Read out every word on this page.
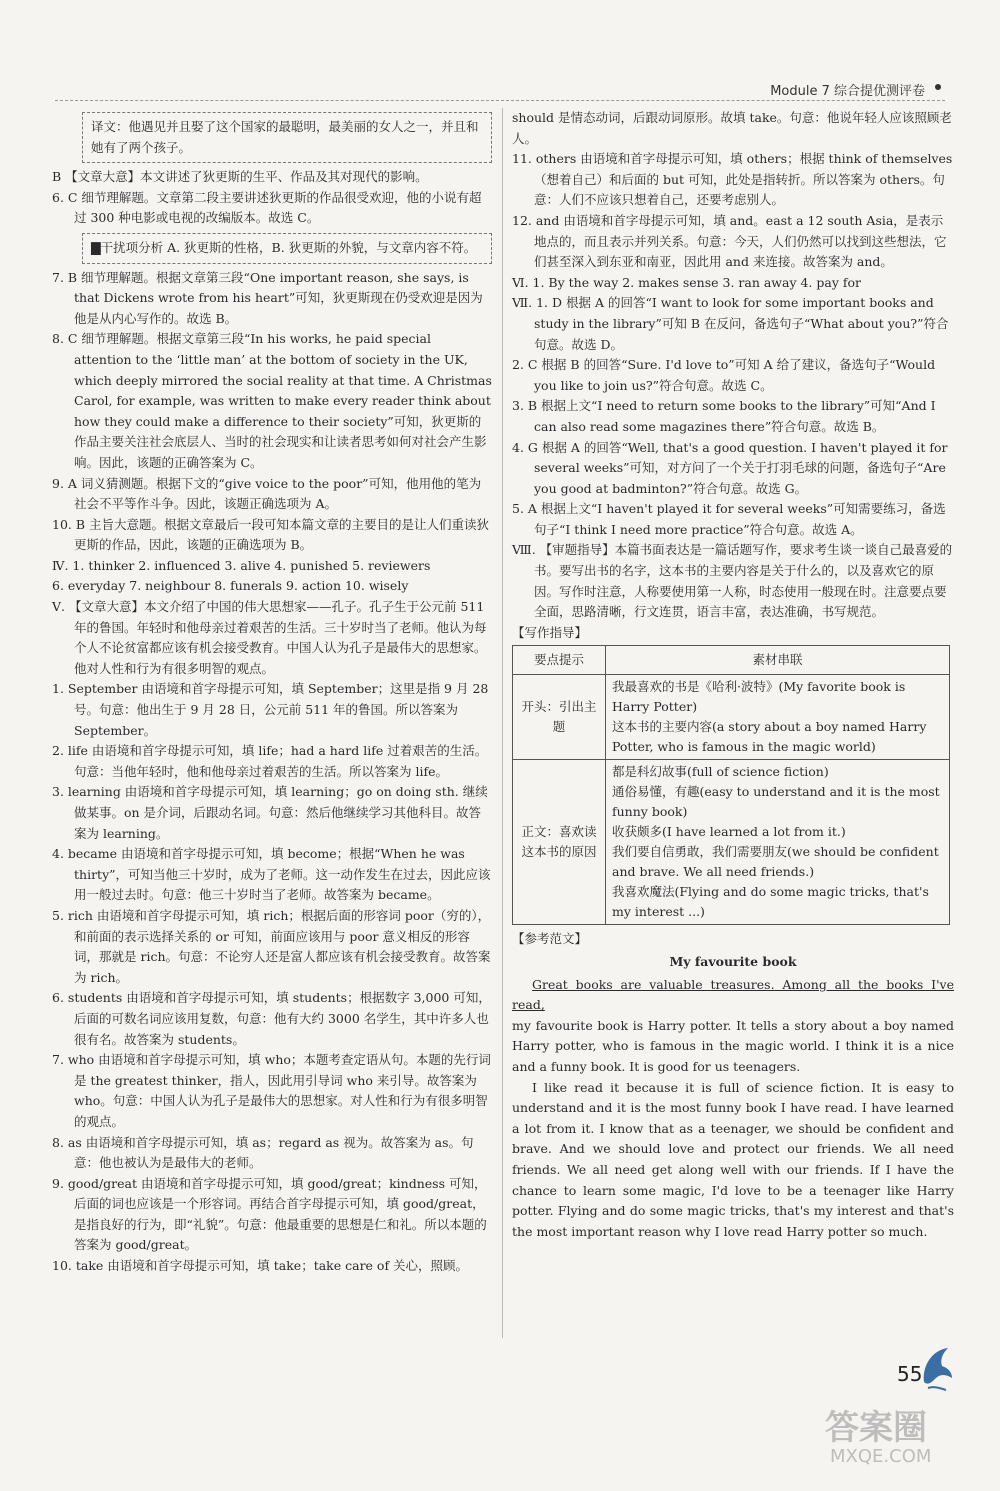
Module 7 综合提优测评卷
译文：他遇见并且娶了这个国家的最聪明，最美丽的女人之一，并且和她有了两个孩子。

B 【文章大意】本文讲述了狄更斯的生平、作品及其对现代的影响。

6. C 细节理解题。文章第二段主要讲述狄更斯的作品很受欢迎，他的小说有超过 300 种电影或电视的改编版本。故选 C。

▇干扰项分析 A. 狄更斯的性格，B. 狄更斯的外貌，与文章内容不符。

7. B 细节理解题。根据文章第三段“One important reason, she says, is that Dickens wrote from his heart”可知，狄更斯现在仍受欢迎是因为他是从内心写作的。故选 B。

8. C 细节理解题。根据文章第三段“In his works, he paid special attention to the ‘little man’ at the bottom of society in the UK, which deeply mirrored the social reality at that time. A Christmas Carol, for example, was written to make every reader think about how they could make a difference to their society”可知，狄更斯的作品主要关注社会底层人、当时的社会现实和让读者思考如何对社会产生影响。因此，该题的正确答案为 C。

9. A 词义猜测题。根据下文的“give voice to the poor”可知，他用他的笔为社会不平等作斗争。因此，该题正确选项为 A。

10. B 主旨大意题。根据文章最后一段可知本篇文章的主要目的是让人们重读狄更斯的作品，因此，该题的正确选项为 B。

Ⅳ. 1. thinker 2. influenced 3. alive 4. punished 5. reviewers

6. everyday 7. neighbour 8. funerals 9. action 10. wisely

Ⅴ. 【文章大意】本文介绍了中国的伟大思想家——孔子。孔子生于公元前 511 年的鲁国。年轻时和他母亲过着艰苦的生活。三十岁时当了老师。他认为每个人不论贫富都应该有机会接受教育。中国人认为孔子是最伟大的思想家。他对人性和行为有很多明智的观点。

1. September 由语境和首字母提示可知，填 September；这里是指 9 月 28 号。句意：他出生于 9 月 28 日，公元前 511 年的鲁国。所以答案为 September。

2. life 由语境和首字母提示可知，填 life；had a hard life 过着艰苦的生活。句意：当他年轻时，他和他母亲过着艰苦的生活。所以答案为 life。

3. learning 由语境和首字母提示可知，填 learning；go on doing sth. 继续做某事。on 是介词，后跟动名词。句意：然后他继续学习其他科目。故答案为 learning。

4. became 由语境和首字母提示可知，填 become；根据“When he was thirty”，可知当他三十岁时，成为了老师。这一动作发生在过去，因此应该用一般过去时。句意：他三十岁时当了老师。故答案为 became。

5. rich 由语境和首字母提示可知，填 rich；根据后面的形容词 poor（穷的），和前面的表示选择关系的 or 可知，前面应该用与 poor 意义相反的形容词，那就是 rich。句意：不论穷人还是富人都应该有机会接受教育。故答案为 rich。

6. students 由语境和首字母提示可知，填 students；根据数字 3,000 可知，后面的可数名词应该用复数，句意：他有大约 3000 名学生，其中许多人也很有名。故答案为 students。

7. who 由语境和首字母提示可知，填 who；本题考查定语从句。本题的先行词是 the greatest thinker，指人，因此用引导词 who 来引导。故答案为 who。句意：中国人认为孔子是最伟大的思想家。对人性和行为有很多明智的观点。

8. as 由语境和首字母提示可知，填 as；regard as 视为。故答案为 as。句意：他也被认为是最伟大的老师。

9. good/great 由语境和首字母提示可知，填 good/great；kindness 可知，后面的词也应该是一个形容词。再结合首字母提示可知，填 good/great，是指良好的行为，即“礼貌”。句意：他最重要的思想是仁和礼。所以本题的答案为 good/great。

10. take 由语境和首字母提示可知，填 take；take care of 关心，照顾。

should 是情态动词，后跟动词原形。故填 take。句意：他说年轻人应该照顾老人。

11. others 由语境和首字母提示可知，填 others；根据 think of themselves（想着自己）和后面的 but 可知，此处是指转折。所以答案为 others。句意：人们不应该只想着自己，还要考虑别人。

12. and 由语境和首字母提示可知，填 and。east a 12 south Asia，是表示地点的，而且表示并列关系。句意：今天，人们仍然可以找到这些想法，它们甚至深入到东亚和南亚，因此用 and 来连接。故答案为 and。

Ⅵ. 1. By the way 2. makes sense 3. ran away 4. pay for

Ⅶ. 1. D 根据 A 的回答“I want to look for some important books and study in the library”可知 B 在反问，备选句子“What about you?”符合句意。故选 D。

2. C 根据 B 的回答“Sure. I'd love to”可知 A 给了建议，备选句子“Would you like to join us?”符合句意。故选 C。

3. B 根据上文“I need to return some books to the library”可知“And I can also read some magazines there”符合句意。故选 B。

4. G 根据 A 的回答“Well, that's a good question. I haven't played it for several weeks”可知，对方问了一个关于打羽毛球的问题，备选句子“Are you good at badminton?”符合句意。故选 G。

5. A 根据上文“I haven't played it for several weeks”可知需要练习，备选句子“I think I need more practice”符合句意。故选 A。

Ⅷ. 【审题指导】本篇书面表达是一篇话题写作，要求考生谈一谈自己最喜爱的书。要写出书的名字，这本书的主要内容是关于什么的，以及喜欢它的原因。写作时注意，人称要使用第一人称，时态使用一般现在时。注意要点要全面，思路清晰，行文连贯，语言丰富，表达准确，书写规范。

【写作指导】

要点提示	素材串联
开头：引出主题	我最喜欢的书是《哈利·波特》(My favorite book is Harry Potter)
这本书的主要内容(a story about a boy named Harry Potter, who is famous in the magic world)

正文：喜欢读这本书的原因	都是科幻故事(full of science fiction)
通俗易懂，有趣(easy to understand and it is the most funny book)
收获颇多(I have learned a lot from it.)
我们要自信勇敢，我们需要朋友(we should be confident and brave. We all need friends.)
我喜欢魔法(Flying and do some magic tricks, that's my interest ...)

【参考范文】

My favourite book

Great books are valuable treasures. Among all the books I've read,

my favourite book is Harry potter. It tells a story about a boy named Harry potter, who is famous in the magic world. I think it is a nice and a funny book. It is good for us teenagers.

I like read it because it is full of science fiction. It is easy to understand and it is the most funny book I have read. I have learned a lot from it. I know that as a teenager, we should be confident and brave. And we should love and protect our friends. We all need friends. We all need get along well with our friends. If I have the chance to learn some magic, I'd love to be a teenager like Harry potter. Flying and do some magic tricks, that's my interest and that's the most important reason why I love read Harry potter so much.

55
答案圈
MXQE.COM
